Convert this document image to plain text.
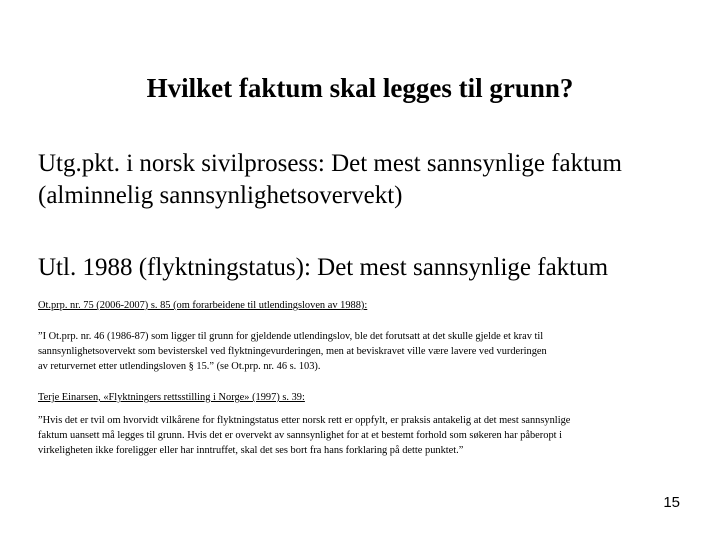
Hvilket faktum skal legges til grunn?
Utg.pkt. i norsk sivilprosess: Det mest sannsynlige faktum
(alminnelig sannsynlighetsovervekt)
Utl. 1988 (flyktningstatus): Det mest sannsynlige faktum
Ot.prp. nr. 75 (2006-2007) s. 85 (om forarbeidene til utlendingsloven av 1988):
”I Ot.prp. nr. 46 (1986-87) som ligger til grunn for gjeldende utlendingslov, ble det forutsatt at det skulle gjelde et krav til
sannsynlighetsovervekt som bevisterskel ved flyktningevurderingen, men at beviskravet ville være lavere ved vurderingen
av returvernet etter utlendingsloven § 15.” (se Ot.prp. nr. 46 s. 103).
Terje Einarsen, «Flyktningers rettsstilling i Norge» (1997) s. 39:
”Hvis det er tvil om hvorvidt vilkårene for flyktningstatus etter norsk rett er oppfylt, er praksis antakelig at det mest sannsynlige
faktum uansett må legges til grunn. Hvis det er overvekt av sannsynlighet for at et bestemt forhold som søkeren har påberopt i
virkeligheten ikke foreligger eller har inntruffet, skal det ses bort fra hans forklaring på dette punktet.”
15
